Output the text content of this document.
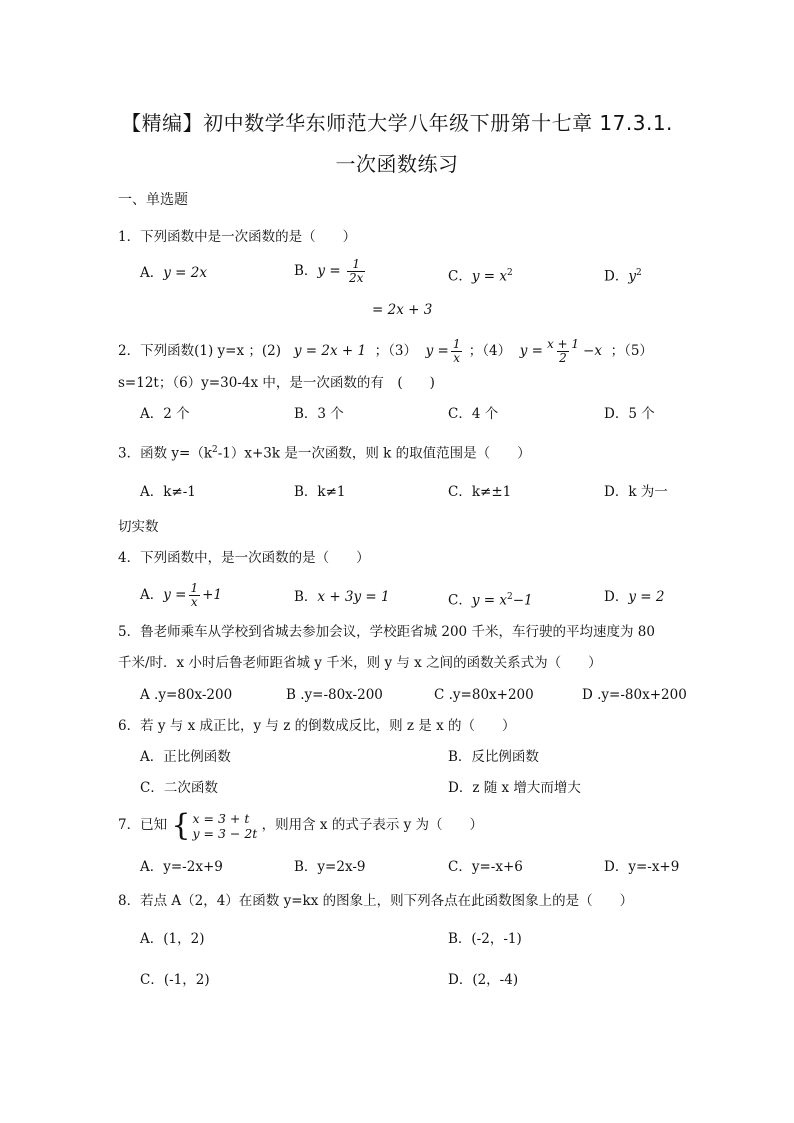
【精编】初中数学华东师范大学八年级下册第十七章 17.3.1.
一次函数练习
一、单选题
1．下列函数中是一次函数的是（　　）
A．y = 2x	B．$y = \frac{1}{2x}$	C．$y = x^2$	D．$y^2$
= 2x + 3
2．下列函数(1) y=x ；(2) y = 2x + 1 ；（3） $y = \frac{1}{x}$ ；（4） $y = \frac{x + 1}{2} -x$ ；（5）
s=12t；（6）y=30-4x 中，是一次函数的有　(　　)
A．2 个	B．3 个	C．4 个	D．5 个
3．函数 $y=(k^2-1)x+3k$ 是一次函数，则 k 的取值范围是（　　）
A．k≠-1	B．k≠1	C．k≠±1	D．k 为一
切实数
4．下列函数中，是一次函数的是（　　）
A．$y = \frac{1}{x} +1$	B．x + 3y = 1	C．$y = x^2-1$	D．y = 2
5．鲁老师乘车从学校到省城去参加会议，学校距省城 200 千米，车行驶的平均速度为 80
千米/时．x 小时后鲁老师距省城 y 千米，则 y 与 x 之间的函数关系式为（　　）
A .y=80x-200	B .y=-80x-200	C .y=80x+200	D .y=-80x+200
6．若 y 与 x 成正比，y 与 z 的倒数成反比，则 z 是 x 的（　　）
A．正比例函数	B．反比例函数
C．二次函数	D．z 随 x 增大而增大
7．已知 { x = 3 + t
y = 3 − 2t ，则用含 x 的式子表示 y 为（　　）
A．y=-2x+9	B．y=2x-9	C．y=-x+6	D．y=-x+9
8．若点 A（2，4）在函数 y=kx 的图象上，则下列各点在此函数图象上的是（　　）
A．(1，2)	B．(-2，-1)
C．(-1，2)	D．(2，-4)
